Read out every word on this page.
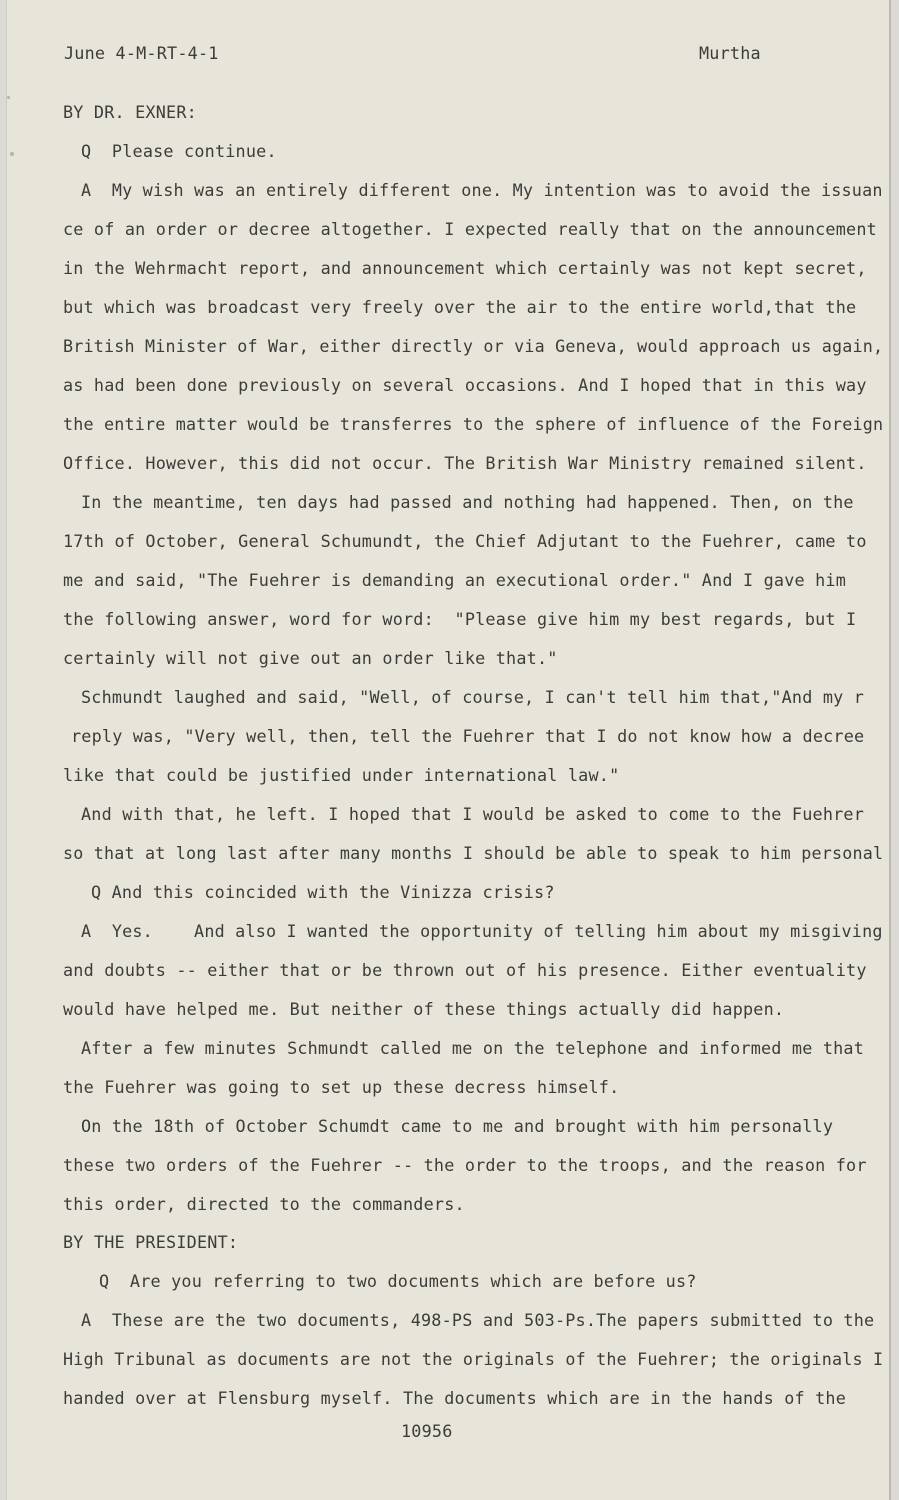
June 4-M-RT-4-1	Murtha
BY DR. EXNER:
Q  Please continue.
A  My wish was an entirely different one. My intention was to avoid the issuan
ce of an order or decree altogether. I expected really that on the announcement
in the Wehrmacht report, and announcement which certainly was not kept secret,
but which was broadcast very freely over the air to the entire world,that the
British Minister of War, either directly or via Geneva, would approach us again,
as had been done previously on several occasions. And I hoped that in this way
the entire matter would be transferres to the sphere of influence of the Foreign
Office. However, this did not occur. The British War Ministry remained silent.
In the meantime, ten days had passed and nothing had happened. Then, on the
17th of October, General Schumundt, the Chief Adjutant to the Fuehrer, came to
me and said, "The Fuehrer is demanding an executional order." And I gave him
the following answer, word for word:  "Please give him my best regards, but I
certainly will not give out an order like that."
Schmundt laughed and said, "Well, of course, I can't tell him that,"And my r
reply was, "Very well, then, tell the Fuehrer that I do not know how a decree
like that could be justified under international law."
And with that, he left. I hoped that I would be asked to come to the Fuehrer
so that at long last after many months I should be able to speak to him personal
Q And this coincided with the Vinizza crisis?
A  Yes.    And also I wanted the opportunity of telling him about my misgiving
and doubts -- either that or be thrown out of his presence. Either eventuality
would have helped me. But neither of these things actually did happen.
After a few minutes Schmundt called me on the telephone and informed me that
the Fuehrer was going to set up these decress himself.
On the 18th of October Schumdt came to me and brought with him personally
these two orders of the Fuehrer -- the order to the troops, and the reason for
this order, directed to the commanders.
BY THE PRESIDENT:
Q  Are you referring to two documents which are before us?
A  These are the two documents, 498-PS and 503-Ps.The papers submitted to the
High Tribunal as documents are not the originals of the Fuehrer; the originals I
handed over at Flensburg myself. The documents which are in the hands of the
10956
